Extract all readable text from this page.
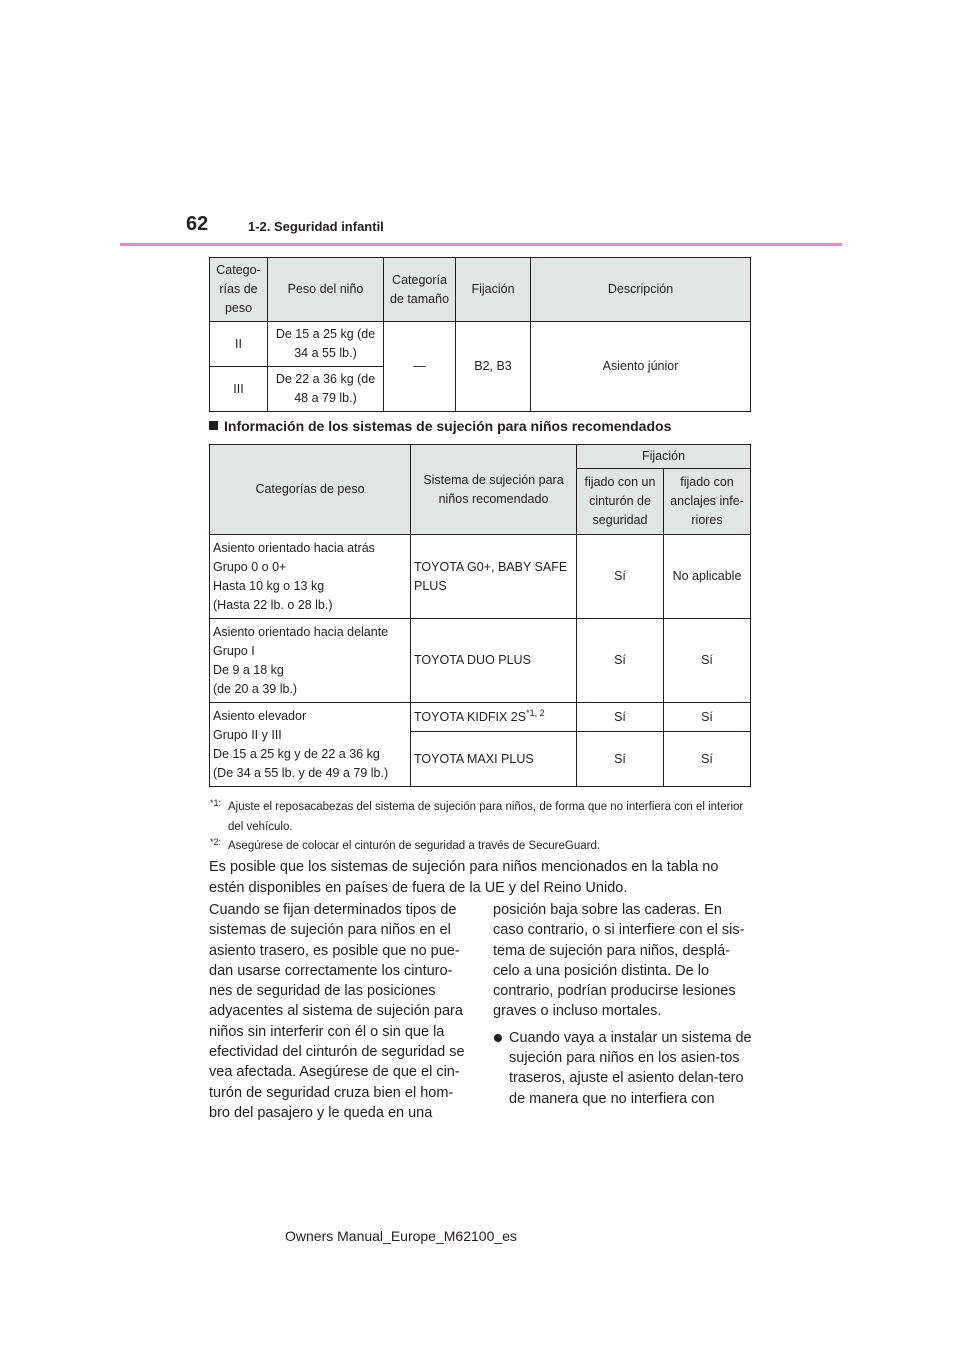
62	1-2. Seguridad infantil
Catego-rías de peso	Peso del niño	Categoría de tamaño	Fijación	Descripción
II	De 15 a 25 kg (de 34 a 55 lb.)	—	B2, B3	Asiento júnior
III	De 22 a 36 kg (de 48 a 79 lb.)			
Información de los sistemas de sujeción para niños recomendados
Categorías de peso	Sistema de sujeción para niños recomendado	Fijación	
		fijado con un cinturón de seguridad	fijado con anclajes infe-riores

Asiento orientado hacia atrás
Grupo 0 o 0+
Hasta 10 kg o 13 kg
(Hasta 22 lb. o 28 lb.)	TOYOTA G0+, BABY SAFE PLUS	Sí	No aplicable

Asiento orientado hacia delante
Grupo I
De 9 a 18 kg
(de 20 a 39 lb.)	TOYOTA DUO PLUS	Sí	Sí

Asiento elevador
Grupo II y III
De 15 a 25 kg y de 22 a 36 kg
(De 34 a 55 lb. y de 49 a 79 lb.)	TOYOTA KIDFIX $2S^{*1, 2}$	Sí	Sí
	TOYOTA MAXI PLUS	Sí	Sí
*1: Ajuste el reposacabezas del sistema de sujeción para niños, de forma que no interfiera con el interior del vehículo.
*2: Asegúrese de colocar el cinturón de seguridad a través de SecureGuard.
Es posible que los sistemas de sujeción para niños mencionados en la tabla no estén disponibles en países de fuera de la UE y del Reino Unido.

Cuando se fijan determinados tipos de sistemas de sujeción para niños en el asiento trasero, es posible que no pue-dan usarse correctamente los cinturo-nes de seguridad de las posiciones adyacentes al sistema de sujeción para niños sin interferir con él o sin que la efectividad del cinturón de seguridad se vea afectada. Asegúrese de que el cin-turón de seguridad cruza bien el hom-bro del pasajero y le queda en una

posición baja sobre las caderas. En caso contrario, o si interfiere con el sis-tema de sujeción para niños, desplá-celo a una posición distinta. De lo contrario, podrían producirse lesiones graves o incluso mortales.

Cuando vaya a instalar un sistema de sujeción para niños en los asien-tos traseros, ajuste el asiento delan-tero de manera que no interfiera con

Owners Manual_Europe_M62100_es
